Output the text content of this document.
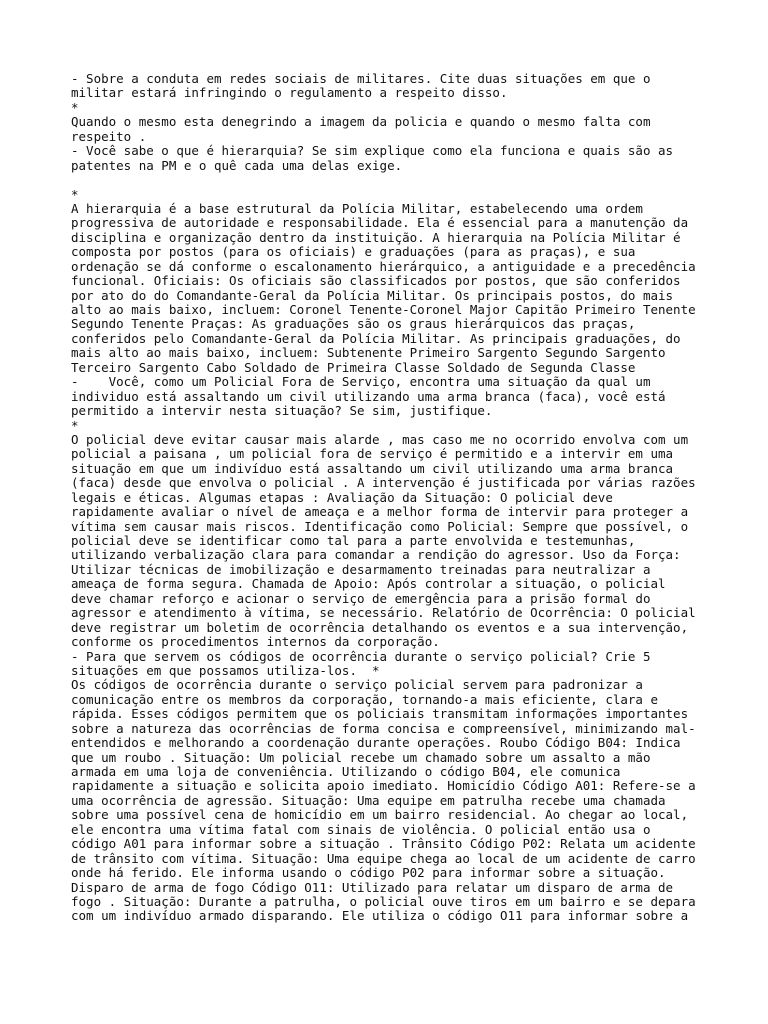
- Sobre a conduta em redes sociais de militares. Cite duas situações em que o
militar estará infringindo o regulamento a respeito disso.
*
Quando o mesmo esta denegrindo a imagem da policia e quando o mesmo falta com
respeito .
- Você sabe o que é hierarquia? Se sim explique como ela funciona e quais são as
patentes na PM e o quê cada uma delas exige.
*
A hierarquia é a base estrutural da Polícia Militar, estabelecendo uma ordem
progressiva de autoridade e responsabilidade. Ela é essencial para a manutenção da
disciplina e organização dentro da instituição. A hierarquia na Polícia Militar é
composta por postos (para os oficiais) e graduações (para as praças), e sua
ordenação se dá conforme o escalonamento hierárquico, a antiguidade e a precedência
funcional. Oficiais: Os oficiais são classificados por postos, que são conferidos
por ato do do Comandante-Geral da Polícia Militar. Os principais postos, do mais
alto ao mais baixo, incluem: Coronel Tenente-Coronel Major Capitão Primeiro Tenente
Segundo Tenente Praças: As graduações são os graus hierárquicos das praças,
conferidos pelo Comandante-Geral da Polícia Militar. As principais graduações, do
mais alto ao mais baixo, incluem: Subtenente Primeiro Sargento Segundo Sargento
Terceiro Sargento Cabo Soldado de Primeira Classe Soldado de Segunda Classe
-    Você, como um Policial Fora de Serviço, encontra uma situação da qual um
individuo está assaltando um civil utilizando uma arma branca (faca), você está
permitido a intervir nesta situação? Se sim, justifique.
*
O policial deve evitar causar mais alarde , mas caso me no ocorrido envolva com um
policial a paisana , um policial fora de serviço é permitido e a intervir em uma
situação em que um indivíduo está assaltando um civil utilizando uma arma branca
(faca) desde que envolva o policial . A intervenção é justificada por várias razões
legais e éticas. Algumas etapas : Avaliação da Situação: O policial deve
rapidamente avaliar o nível de ameaça e a melhor forma de intervir para proteger a
vítima sem causar mais riscos. Identificação como Policial: Sempre que possível, o
policial deve se identificar como tal para a parte envolvida e testemunhas,
utilizando verbalização clara para comandar a rendição do agressor. Uso da Força:
Utilizar técnicas de imobilização e desarmamento treinadas para neutralizar a
ameaça de forma segura. Chamada de Apoio: Após controlar a situação, o policial
deve chamar reforço e acionar o serviço de emergência para a prisão formal do
agressor e atendimento à vítima, se necessário. Relatório de Ocorrência: O policial
deve registrar um boletim de ocorrência detalhando os eventos e a sua intervenção,
conforme os procedimentos internos da corporação.
- Para que servem os códigos de ocorrência durante o serviço policial? Crie 5
situações em que possamos utiliza-los.  *
Os códigos de ocorrência durante o serviço policial servem para padronizar a
comunicação entre os membros da corporação, tornando-a mais eficiente, clara e
rápida. Esses códigos permitem que os policiais transmitam informações importantes
sobre a natureza das ocorrências de forma concisa e compreensível, minimizando mal-
entendidos e melhorando a coordenação durante operações. Roubo Código B04: Indica
que um roubo . Situação: Um policial recebe um chamado sobre um assalto a mão
armada em uma loja de conveniência. Utilizando o código B04, ele comunica
rapidamente a situação e solicita apoio imediato. Homicídio Código A01: Refere-se a
uma ocorrência de agressão. Situação: Uma equipe em patrulha recebe uma chamada
sobre uma possível cena de homicídio em um bairro residencial. Ao chegar ao local,
ele encontra uma vítima fatal com sinais de violência. O policial então usa o
código A01 para informar sobre a situação . Trânsito Código P02: Relata um acidente
de trânsito com vítima. Situação: Uma equipe chega ao local de um acidente de carro
onde há ferido. Ele informa usando o código P02 para informar sobre a situação.
Disparo de arma de fogo Código O11: Utilizado para relatar um disparo de arma de
fogo . Situação: Durante a patrulha, o policial ouve tiros em um bairro e se depara
com um indivíduo armado disparando. Ele utiliza o código O11 para informar sobre a
